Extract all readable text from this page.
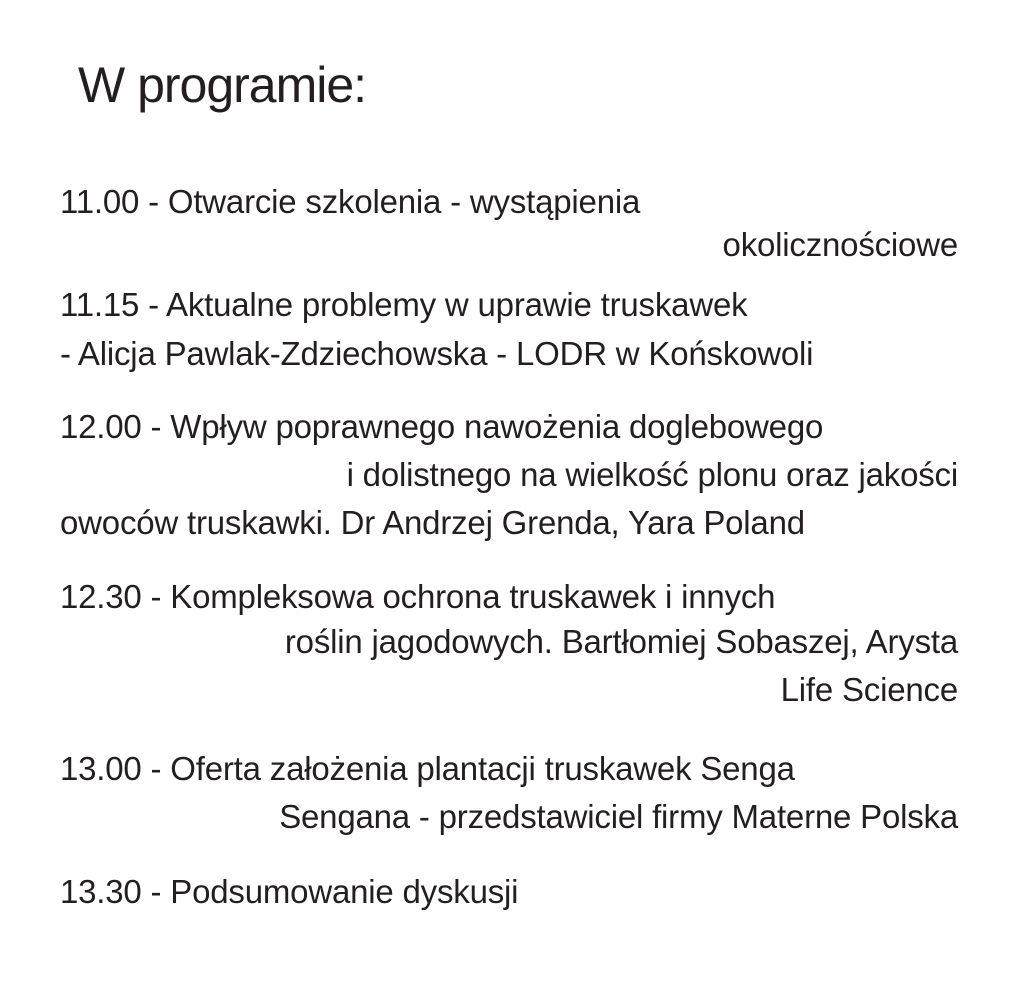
W programie:
11.00 - Otwarcie szkolenia - wystąpienia
okolicznościowe
11.15 - Aktualne problemy w uprawie truskawek
- Alicja Pawlak-Zdziechowska - LODR w Końskowoli
12.00 - Wpływ poprawnego nawożenia doglebowego
i dolistnego na wielkość plonu oraz jakości
owoców truskawki. Dr Andrzej Grenda, Yara Poland
12.30 - Kompleksowa ochrona truskawek i innych
roślin jagodowych. Bartłomiej Sobaszej, Arysta
Life Science
13.00 - Oferta założenia plantacji truskawek Senga
Sengana - przedstawiciel firmy Materne Polska
13.30 - Podsumowanie dyskusji
